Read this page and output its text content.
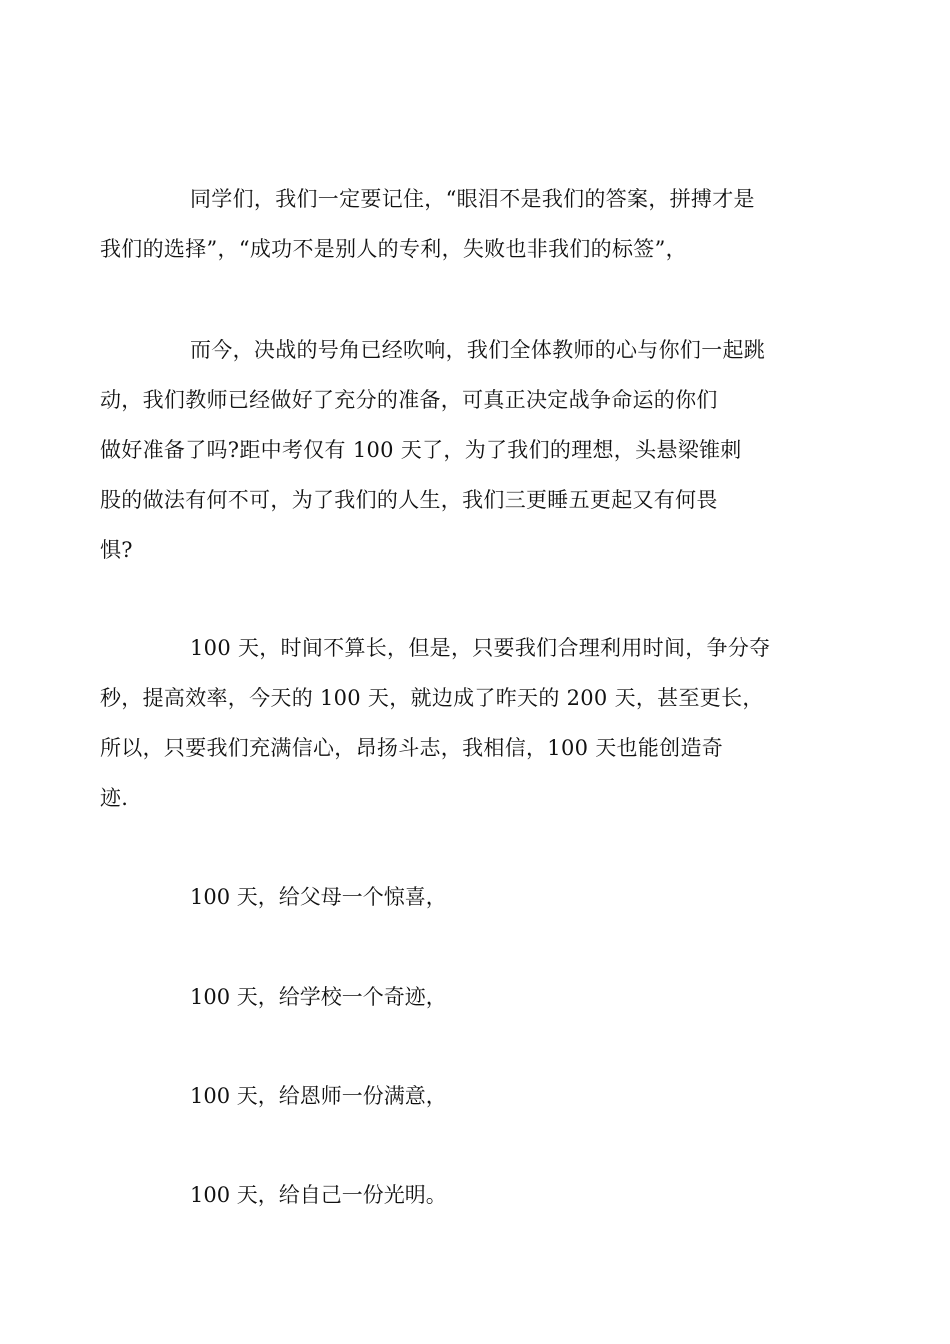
同学们，我们一定要记住，“眼泪不是我们的答案，拼搏才是
我们的选择”，“成功不是别人的专利，失败也非我们的标签”，

而今，决战的号角已经吹响，我们全体教师的心与你们一起跳
动，我们教师已经做好了充分的准备，可真正决定战争命运的你们
做好准备了吗?距中考仅有 100 天了，为了我们的理想，头悬梁锥刺
股的做法有何不可，为了我们的人生，我们三更睡五更起又有何畏
惧?

100 天，时间不算长，但是，只要我们合理利用时间，争分夺
秒，提高效率，今天的 100 天，就边成了昨天的 200 天，甚至更长，
所以，只要我们充满信心，昂扬斗志，我相信，100 天也能创造奇
迹.

100 天，给父母一个惊喜，

100 天，给学校一个奇迹，

100 天，给恩师一份满意，

100 天，给自己一份光明。
